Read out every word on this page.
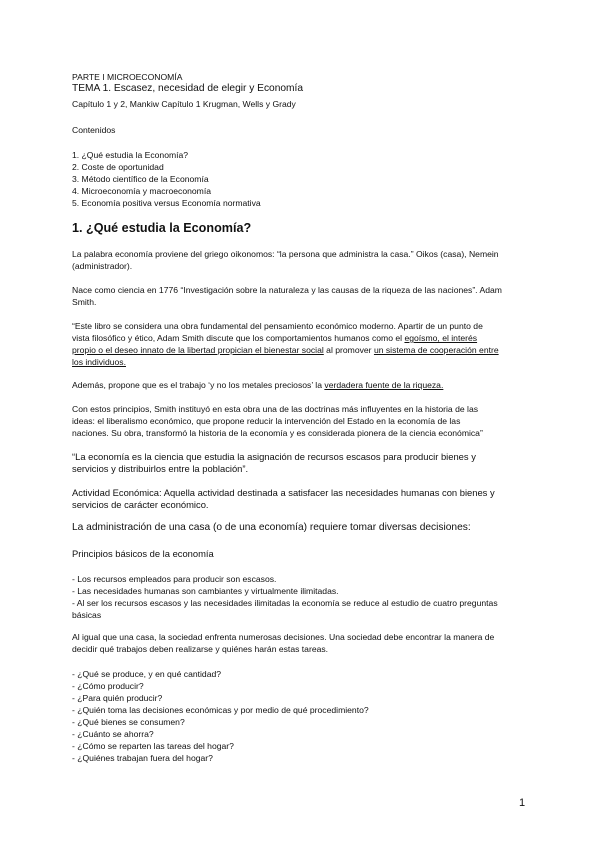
PARTE I MICROECONOMÍA
TEMA 1. Escasez, necesidad de elegir y Economía
Capítulo 1 y 2, Mankiw Capítulo 1 Krugman, Wells y Grady
Contenidos
1. ¿Qué estudia la Economía?
2. Coste de oportunidad
3. Método científico de la Economía
4. Microeconomía y macroeconomía
5. Economía positiva versus Economía normativa
1. ¿Qué estudia la Economía?
La palabra economía proviene del griego oikonomos: “la persona que administra la casa.” Oikos (casa), Nemein
(administrador).
Nace como ciencia en 1776 “Investigación sobre la naturaleza y las causas de la riqueza de las naciones”. Adam
Smith.
“Este libro se considera una obra fundamental del pensamiento económico moderno. Apartir de un punto de
vista filosófico y ético, Adam Smith discute que los comportamientos humanos como el egoísmo, el interés
propio o el deseo innato de la libertad propician el bienestar social al promover un sistema de cooperación entre
los individuos.
Además, propone que es el trabajo ‘y no los metales preciosos’ la verdadera fuente de la riqueza.
Con estos principios, Smith instituyó en esta obra una de las doctrinas más influyentes en la historia de las
ideas: el liberalismo económico, que propone reducir la intervención del Estado en la economía de las
naciones. Su obra, transformó la historia de la economía y es considerada pionera de la ciencia económica”
“La economía es la ciencia que estudia la asignación de recursos escasos para producir bienes y
servicios y distribuirlos entre la población”.
Actividad Económica: Aquella actividad destinada a satisfacer las necesidades humanas con bienes y
servicios de carácter económico.
La administración de una casa (o de una economía) requiere tomar diversas decisiones:
Principios básicos de la economía
- Los recursos empleados para producir son escasos.
- Las necesidades humanas son cambiantes y virtualmente ilimitadas.
- Al ser los recursos escasos y las necesidades ilimitadas la economía se reduce al estudio de cuatro preguntas
básicas
Al igual que una casa, la sociedad enfrenta numerosas decisiones. Una sociedad debe encontrar la manera de
decidir qué trabajos deben realizarse y quiénes harán estas tareas.
- ¿Qué se produce, y en qué cantidad?
- ¿Cómo producir?
- ¿Para quién producir?
- ¿Quién toma las decisiones económicas y por medio de qué procedimiento?
- ¿Qué bienes se consumen?
- ¿Cuánto se ahorra?
- ¿Cómo se reparten las tareas del hogar?
- ¿Quiénes trabajan fuera del hogar?
1
